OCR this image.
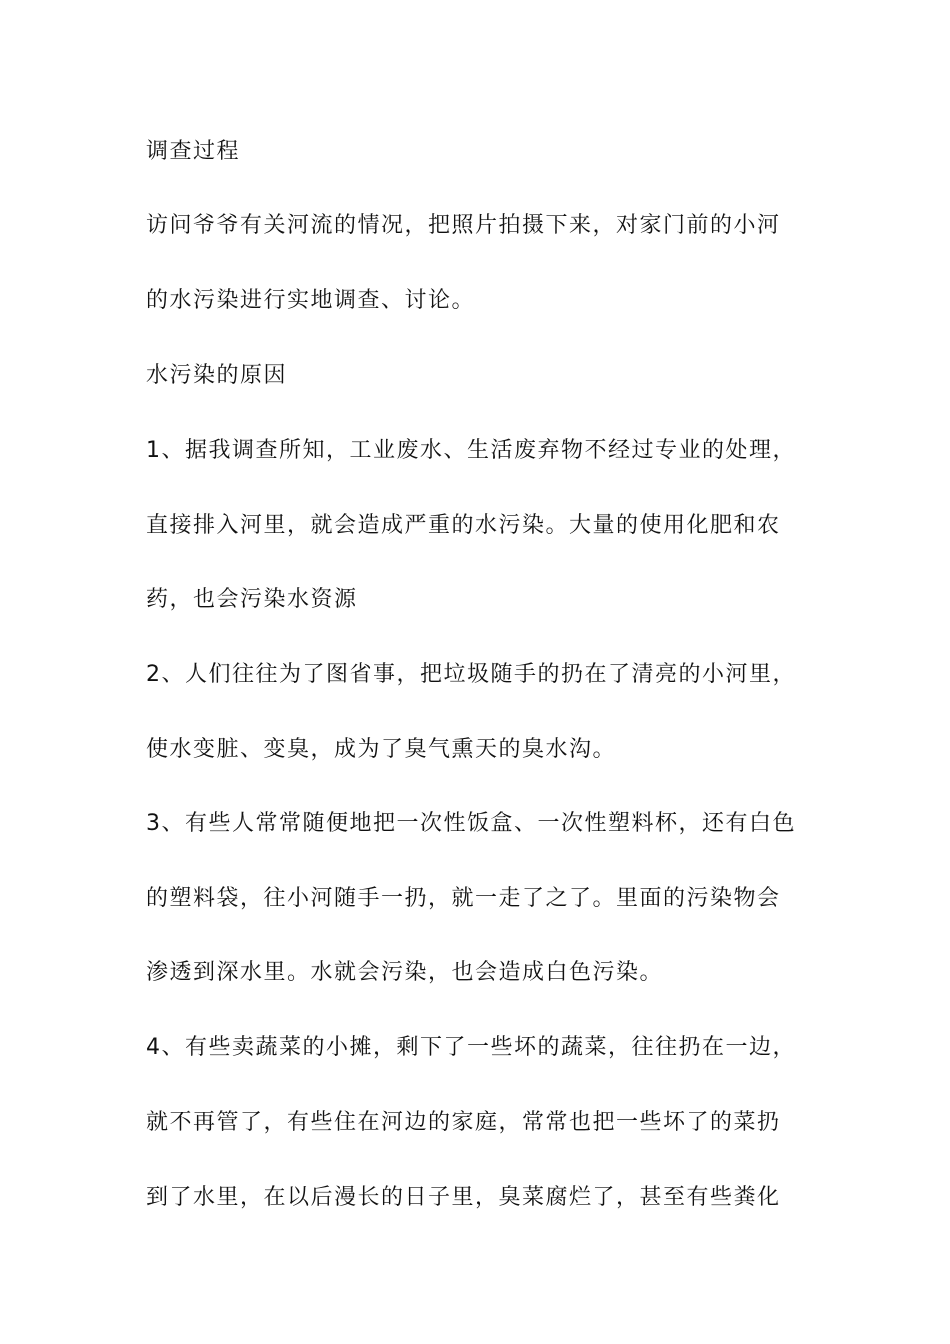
调查过程
访问爷爷有关河流的情况，把照片拍摄下来，对家门前的小河
的水污染进行实地调查、讨论。
水污染的原因
1、据我调查所知，工业废水、生活废弃物不经过专业的处理，
直接排入河里，就会造成严重的水污染。大量的使用化肥和农
药，也会污染水资源
2、人们往往为了图省事，把垃圾随手的扔在了清亮的小河里，
使水变脏、变臭，成为了臭气熏天的臭水沟。
3、有些人常常随便地把一次性饭盒、一次性塑料杯，还有白色
的塑料袋，往小河随手一扔，就一走了之了。里面的污染物会
渗透到深水里。水就会污染，也会造成白色污染。
4、有些卖蔬菜的小摊，剩下了一些坏的蔬菜，往往扔在一边，
就不再管了，有些住在河边的家庭，常常也把一些坏了的菜扔
到了水里，在以后漫长的日子里，臭菜腐烂了，甚至有些粪化
